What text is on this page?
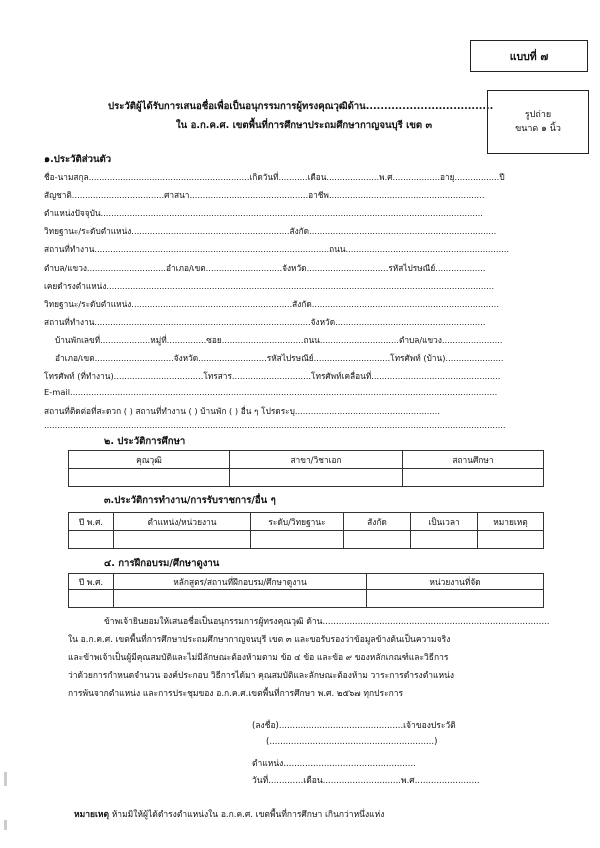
แบบที่ ๗
ประวัติผู้ได้รับการเสนอชื่อเพื่อเป็นอนุกรรมการผู้ทรงคุณวุฒิด้าน...................................
ใน อ.ก.ค.ศ. เขตพื้นที่การศึกษาประถมศึกษากาญจนบุรี เขต ๓
รูปถ่าย
ขนาด ๑ นิ้ว
๑.ประวัติส่วนตัว
ชื่อ-นามสกุล.............................................................เกิดวันที่...........เดือน....................พ.ศ..................อายุ.................ปี
สัญชาติ...................................ศาสนา.............................................อาชีพ...........................................................
ตำแหน่งปัจจุบัน.................................................................................................................................................
วิทยฐานะ/ระดับตำแหน่ง............................................................สังกัด.......................................................................
สถานที่ทำงาน.........................................................................................ถนน..............................................................
ตำบล/แขวง..............................อำเภอ/เขต.............................จังหวัด...............................รหัสไปรษณีย์...................
เคยดำรงตำแหน่ง...................................................................................................................................................
วิทยฐานะ/ระดับตำแหน่ง.............................................................สังกัด.......................................................................
สถานที่ทำงาน..................................................................................จังหวัด.........................................................
บ้านพักเลขที่...................หมู่ที่...............ซอย...............................ถนน..............................ตำบล/แขวง.......................
อำเภอ/เขต..............................จังหวัด..........................รหัสไปรษณีย์.............................โทรศัพท์ (บ้าน)......................
โทรศัพท์ (ที่ทำงาน)..................................โทรสาร..............................โทรศัพท์เคลื่อนที่.................................................
E-mail..................................................................................................................................................................
สถานที่ติดต่อที่สะดวก ( ) สถานที่ทำงาน ( ) บ้านพัก ( ) อื่น ๆ โปรดระบุ.......................................................
...............................................................................................................................................................................
๒. ประวัติการศึกษา
คุณวุฒิ	สาขา/วิชาเอก	สถานศึกษา

๓.ประวัติการทำงาน/การรับราชการ/อื่น ๆ
ปี พ.ศ.	ตำแหน่ง/หน่วยงาน	ระดับ/วิทยฐานะ	สังกัด	เป็นเวลา	หมายเหตุ

๔. การฝึกอบรม/ศึกษาดูงาน
ปี พ.ศ.	หลักสูตร/สถานที่ฝึกอบรม/ศึกษาดูงาน	หน่วยงานที่จัด

ข้าพเจ้ายินยอมให้เสนอชื่อเป็นอนุกรรมการผู้ทรงคุณวุฒิ ด้าน....................................................................................
ใน อ.ก.ค.ศ. เขตพื้นที่การศึกษาประถมศึกษากาญจนบุรี เขต ๓ และขอรับรองว่าข้อมูลข้างต้นเป็นความจริง
และข้าพเจ้าเป็นผู้มีคุณสมบัติและไม่มีลักษณะต้องห้ามตาม ข้อ ๔ ข้อ และข้อ ๙ ของหลักเกณฑ์และวิธีการ
ว่าด้วยการกำหนดจำนวน องค์ประกอบ วิธีการได้มา คุณสมบัติและลักษณะต้องห้าม วาระการดำรงตำแหน่ง
การพ้นจากตำแหน่ง และการประชุมของ อ.ก.ค.ศ.เขตพื้นที่การศึกษา พ.ศ. ๒๕๖๗ ทุกประการ
(ลงชื่อ)..............................................เจ้าของประวัติ
(.............................................................)
ตำแหน่ง.................................................
วันที่.............เดือน.............................พ.ศ........................
หมายเหตุ ห้ามมิให้ผู้ได้ดำรงตำแหน่งใน อ.ก.ค.ศ. เขตพื้นที่การศึกษา เกินกว่าหนึ่งแห่ง
